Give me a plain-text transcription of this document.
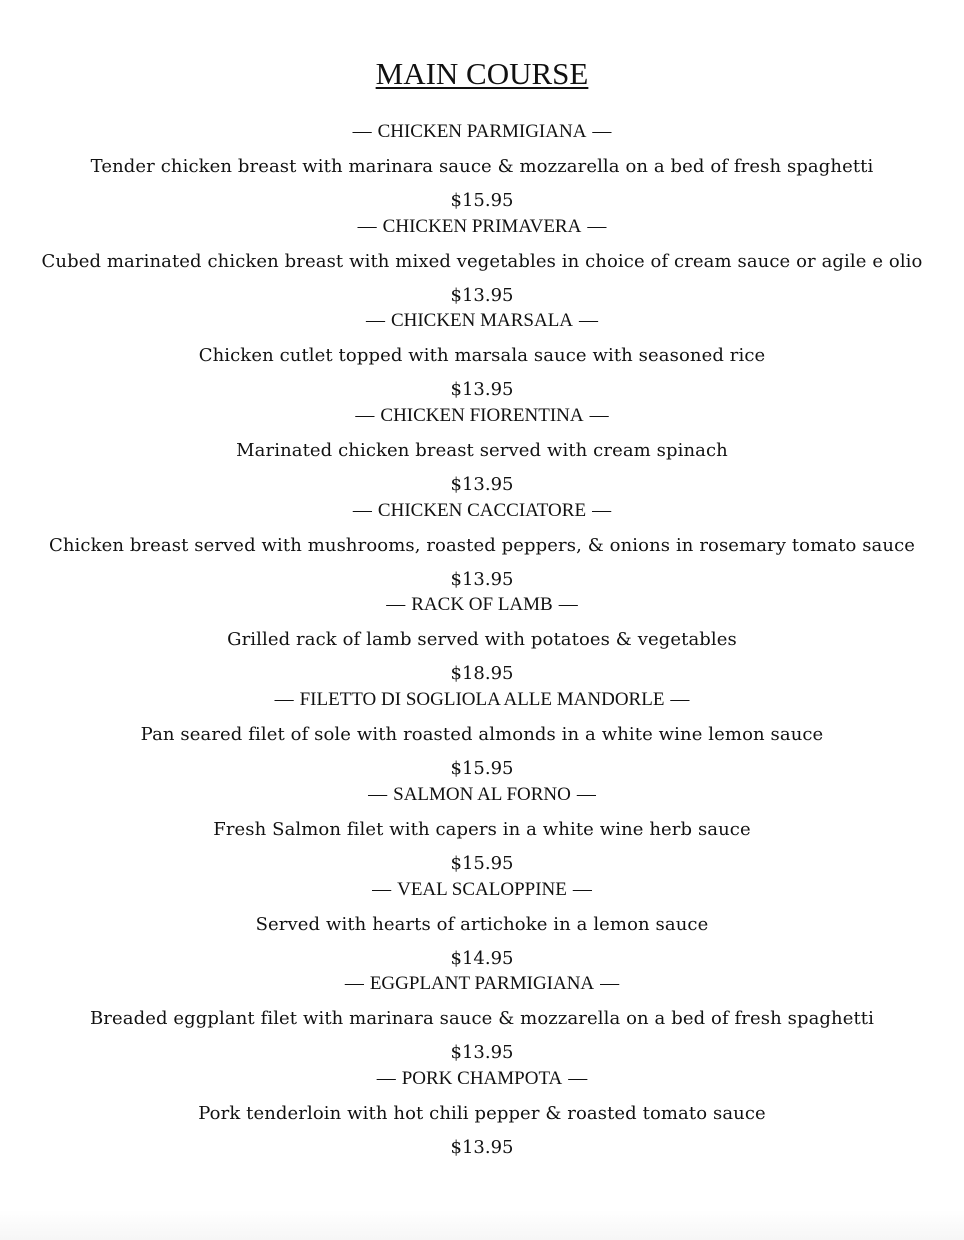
MAIN COURSE
— CHICKEN PARMIGIANA —
Tender chicken breast with marinara sauce & mozzarella on a bed of fresh spaghetti
$15.95
— CHICKEN PRIMAVERA —
Cubed marinated chicken breast with mixed vegetables in choice of cream sauce or agile e olio
$13.95
— CHICKEN MARSALA —
Chicken cutlet topped with marsala sauce with seasoned rice
$13.95
— CHICKEN FIORENTINA —
Marinated chicken breast served with cream spinach
$13.95
— CHICKEN CACCIATORE —
Chicken breast served with mushrooms, roasted peppers, & onions in rosemary tomato sauce
$13.95
— RACK OF LAMB —
Grilled rack of lamb served with potatoes & vegetables
$18.95
— FILETTO DI SOGLIOLA ALLE MANDORLE —
Pan seared filet of sole with roasted almonds in a white wine lemon sauce
$15.95
— SALMON AL FORNO —
Fresh Salmon filet with capers in a white wine herb sauce
$15.95
— VEAL SCALOPPINE —
Served with hearts of artichoke in a lemon sauce
$14.95
— EGGPLANT PARMIGIANA —
Breaded eggplant filet with marinara sauce & mozzarella on a bed of fresh spaghetti
$13.95
— PORK CHAMPOTA —
Pork tenderloin with hot chili pepper & roasted tomato sauce
$13.95
